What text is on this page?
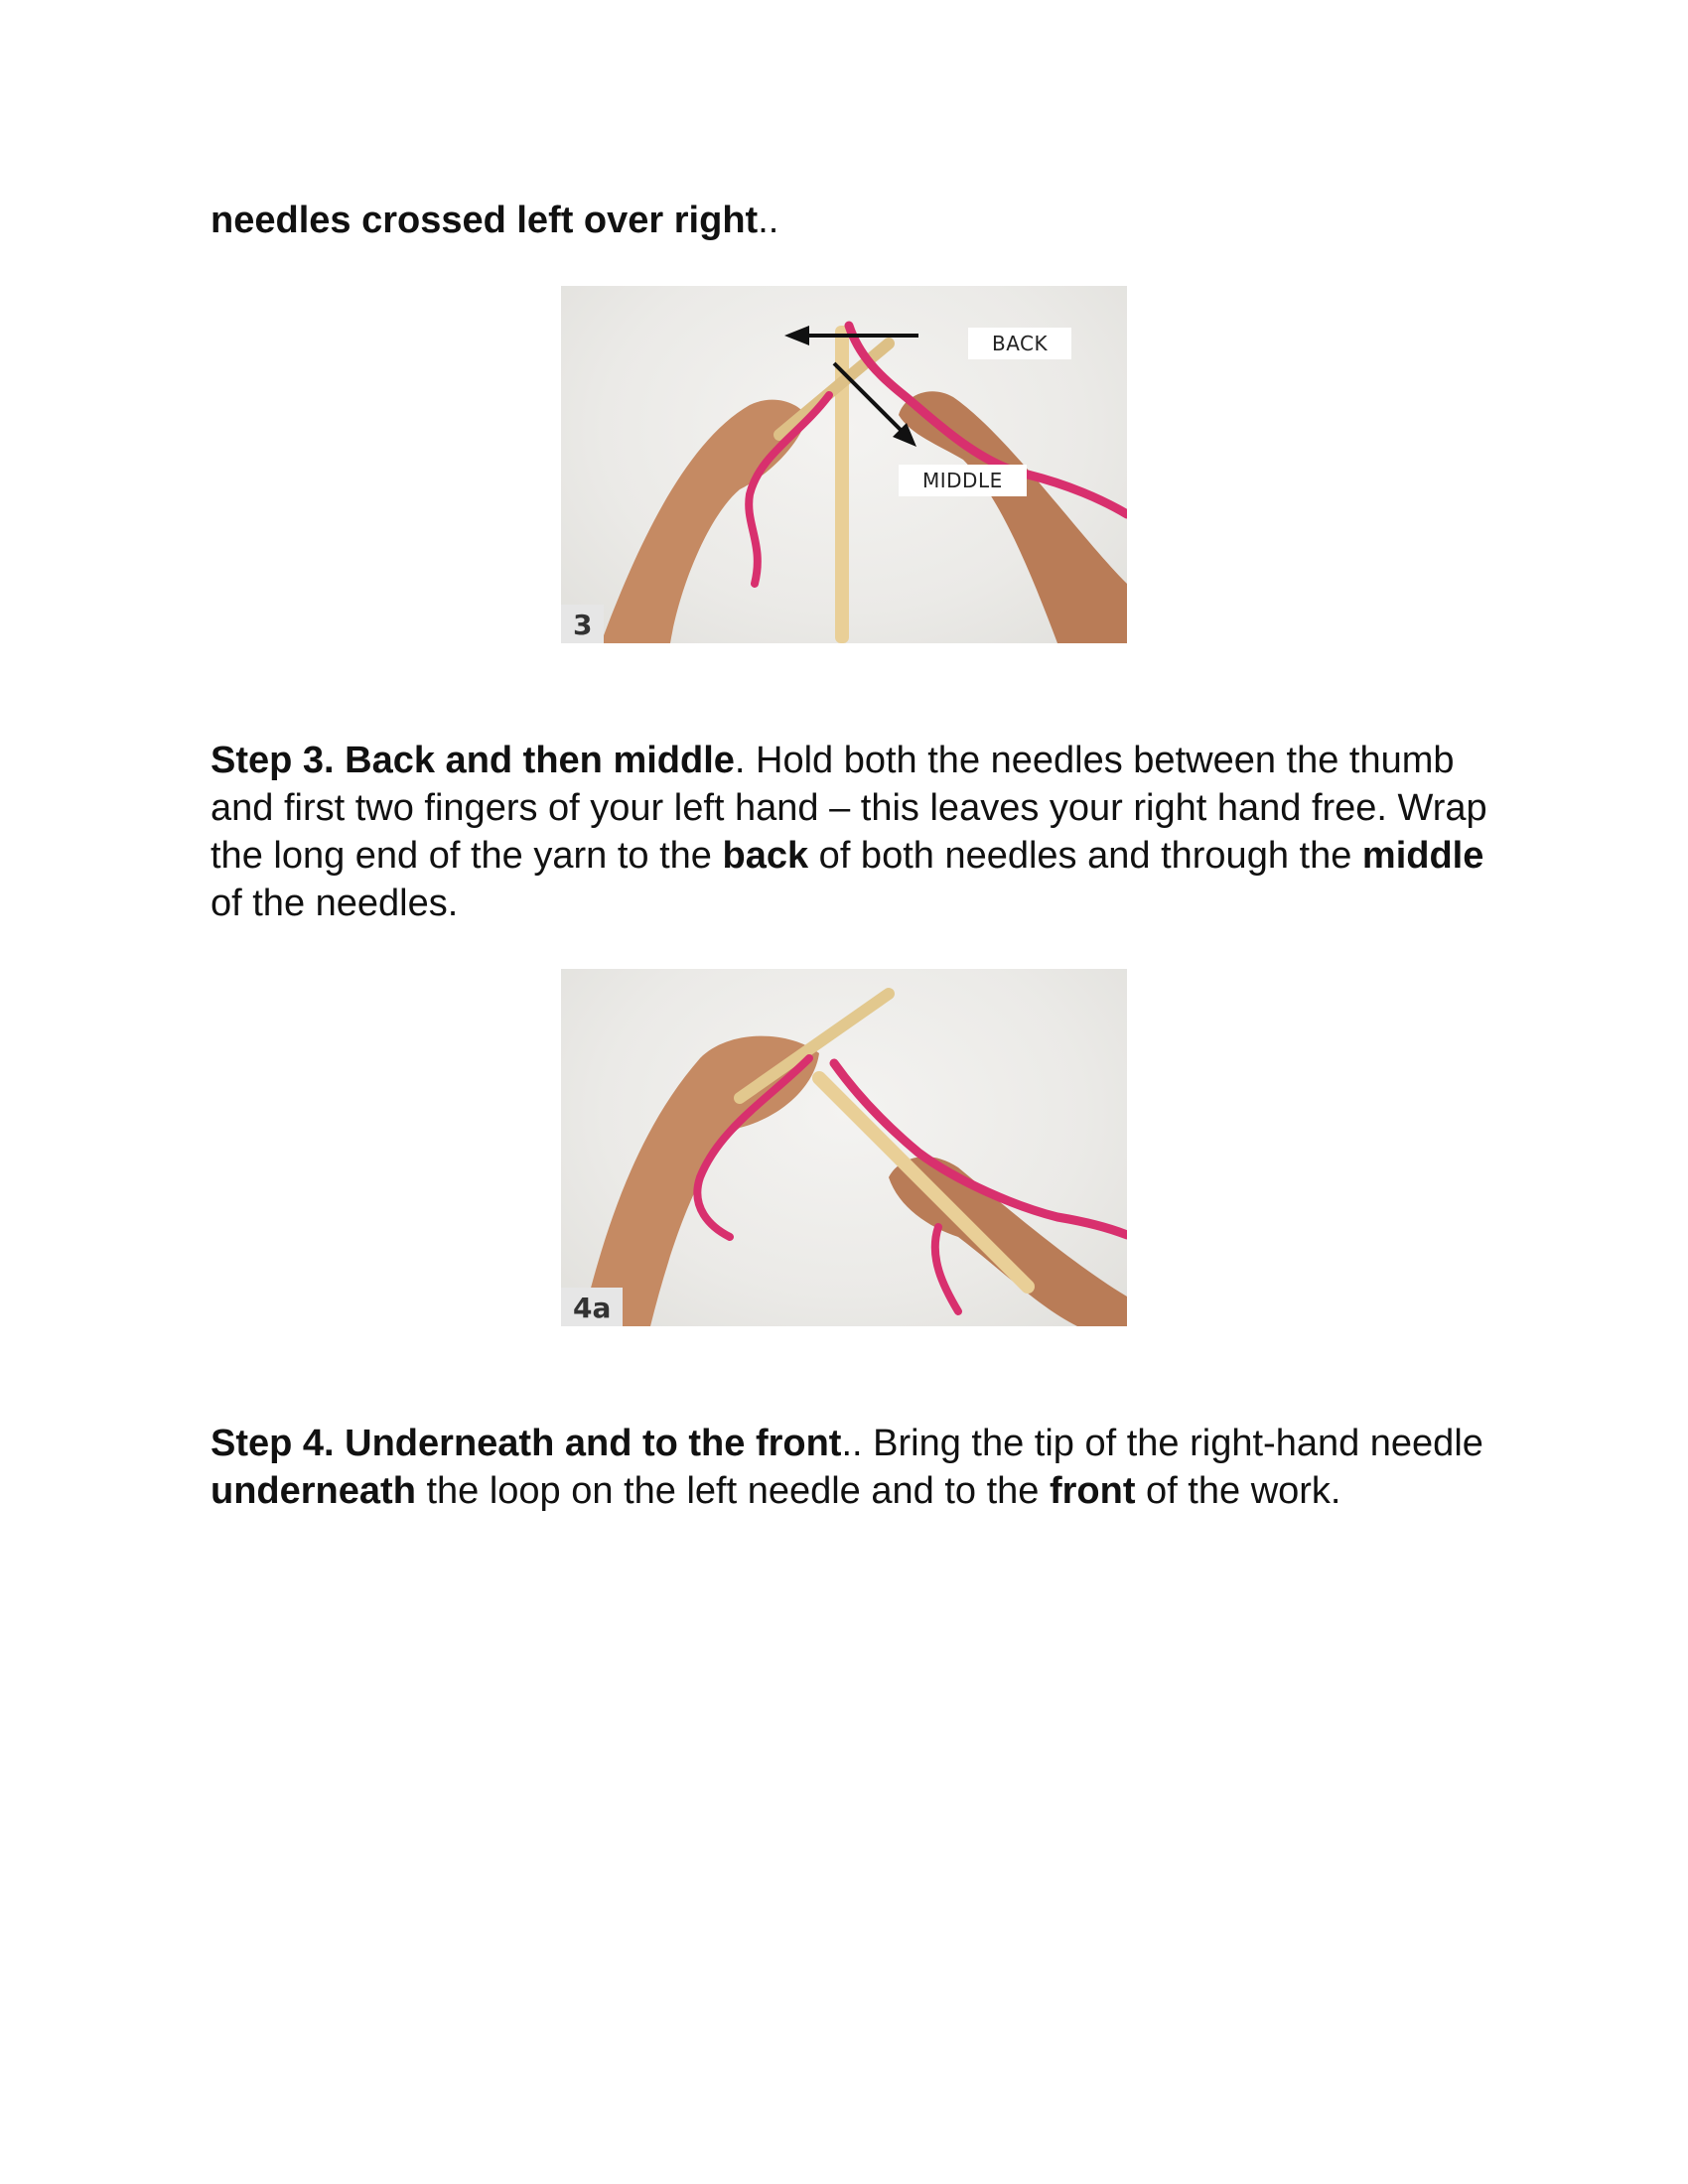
needles crossed left over right..

BACK
MIDDLE
3

Step 3. Back and then middle. Hold both the needles between the thumb and first two fingers of your left hand – this leaves your right hand free. Wrap the long end of the yarn to the back of both needles and through the middle of the needles.

4a

Step 4. Underneath and to the front.. Bring the tip of the right-hand needle underneath the loop on the left needle and to the front of the work.
